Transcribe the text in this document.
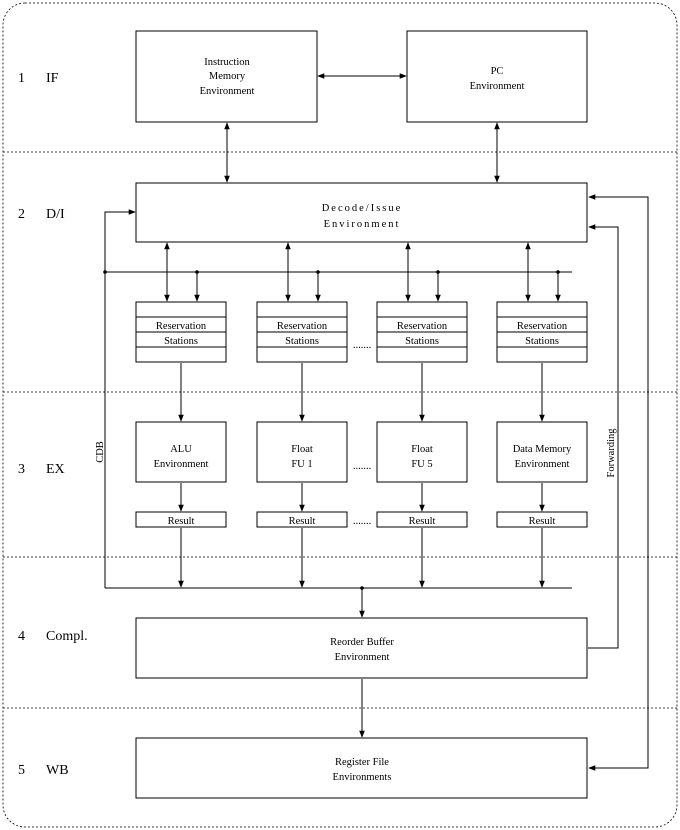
1 IF
2 D/I
3 EX
4 Compl.
5 WB
Instruction
Memory
Environment
PC
Environment
Decode/Issue
Environment
Reorder Buffer
Environment
Register File
Environments
Reservation
Stations
ALU
Environment
Result
Reservation
Stations
Float
FU 1
Result
Reservation
Stations
Float
FU 5
Result
Reservation
Stations
Data Memory
Environment
Result
CDB	Forwarding
.......
.......
.......
